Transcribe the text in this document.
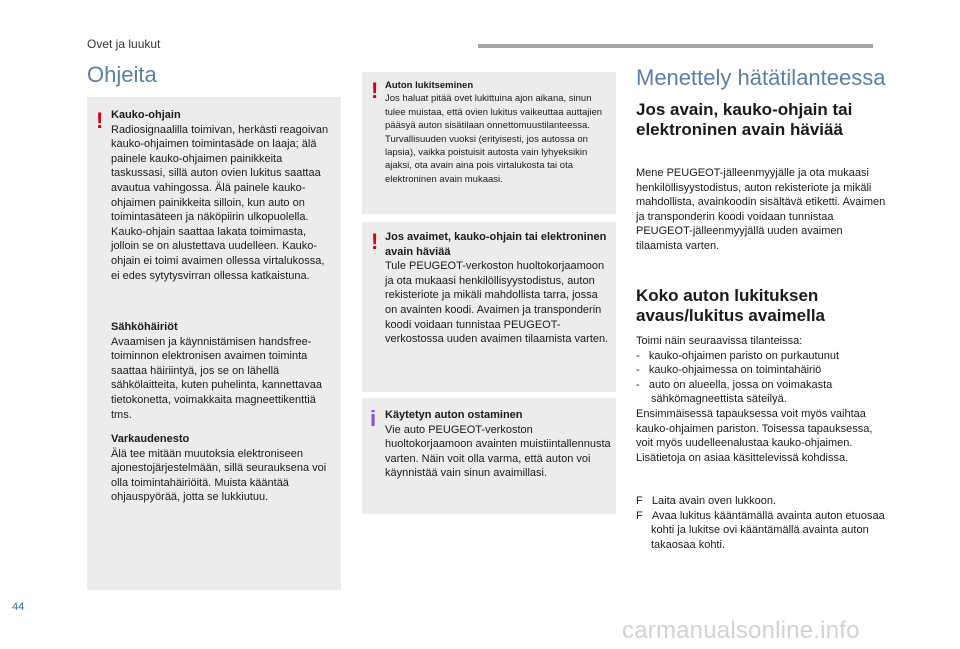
Ovet ja luukut
Ohjeita
! Kauko-ohjain
Radiosignaalilla toimivan, herkästi reagoivan kauko-ohjaimen toimintasäde on laaja; älä painele kauko-ohjaimen painikkeita taskussasi, sillä auton ovien lukitus saattaa avautua vahingossa. Älä painele kauko-ohjaimen painikkeita silloin, kun auto on toimintasäteen ja näköpiirin ulkopuolella. Kauko-ohjain saattaa lakata toimimasta, jolloin se on alustettava uudelleen. Kauko-ohjain ei toimi avaimen ollessa virtalukossa, ei edes sytytysvirran ollessa katkaistuna.

Sähköhäiriöt
Avaamisen ja käynnistämisen handsfree-toiminnon elektronisen avaimen toiminta saattaa häiriintyä, jos se on lähellä sähkölaitteita, kuten puhelinta, kannettavaa tietokonetta, voimakkaita magneettikenttiä tms.

Varkaudenesto
Älä tee mitään muutoksia elektroniseen ajonestojärjestelmään, sillä seurauksena voi olla toimintahäiriöitä. Muista kääntää ohjauspyörää, jotta se lukkiutuu.

! Auton lukitseminen
Jos haluat pitää ovet lukittuina ajon aikana, sinun tulee muistaa, että ovien lukitus vaikeuttaa auttajien pääsyä auton sisätilaan onnettomuustilanteessa. Turvallisuuden vuoksi (erityisesti, jos autossa on lapsia), vaikka poistuisit autosta vain lyhyeksikin ajaksi, ota avain aina pois virtalukosta tai ota elektroninen avain mukaasi.

! Jos avaimet, kauko-ohjain tai elektroninen avain häviää
Tule PEUGEOT-verkoston huoltokorjaamoon ja ota mukaasi henkilöllisyystodistus, auton rekisteriote ja mikäli mahdollista tarra, jossa on avainten koodi. Avaimen ja transponderin koodi voidaan tunnistaa PEUGEOT-verkostossa uuden avaimen tilaamista varten.

i Käytetyn auton ostaminen
Vie auto PEUGEOT-verkoston huoltokorjaamoon avainten muistiintallennusta varten. Näin voit olla varma, että auton voi käynnistää vain sinun avaimillasi.

Menettely hätätilanteessa
Jos avain, kauko-ohjain tai elektroninen avain häviää

Mene PEUGEOT-jälleenmyyjälle ja ota mukaasi henkilöllisyystodistus, auton rekisteriote ja mikäli mahdollista, avainkoodin sisältävä etiketti. Avaimen ja transponderin koodi voidaan tunnistaa PEUGEOT-jälleenmyyjällä uuden avaimen tilaamista varten.

Koko auton lukituksen avaus/lukitus avaimella
Toimi näin seuraavissa tilanteissa:
- kauko-ohjaimen paristo on purkautunut
- kauko-ohjaimessa on toimintahäiriö
- auto on alueella, jossa on voimakasta sähkömagneettista säteilyä.
Ensimmäisessä tapauksessa voit myös vaihtaa kauko-ohjaimen pariston. Toisessa tapauksessa, voit myös uudelleenalustaa kauko-ohjaimen. Lisätietoja on asiaa käsittelevissä kohdissa.
F Laita avain oven lukkoon.
F Avaa lukitus kääntämällä avainta auton etuosaa kohti ja lukitse ovi kääntämällä avainta auton takaosaa kohti.
44
carmanualsonline.info
